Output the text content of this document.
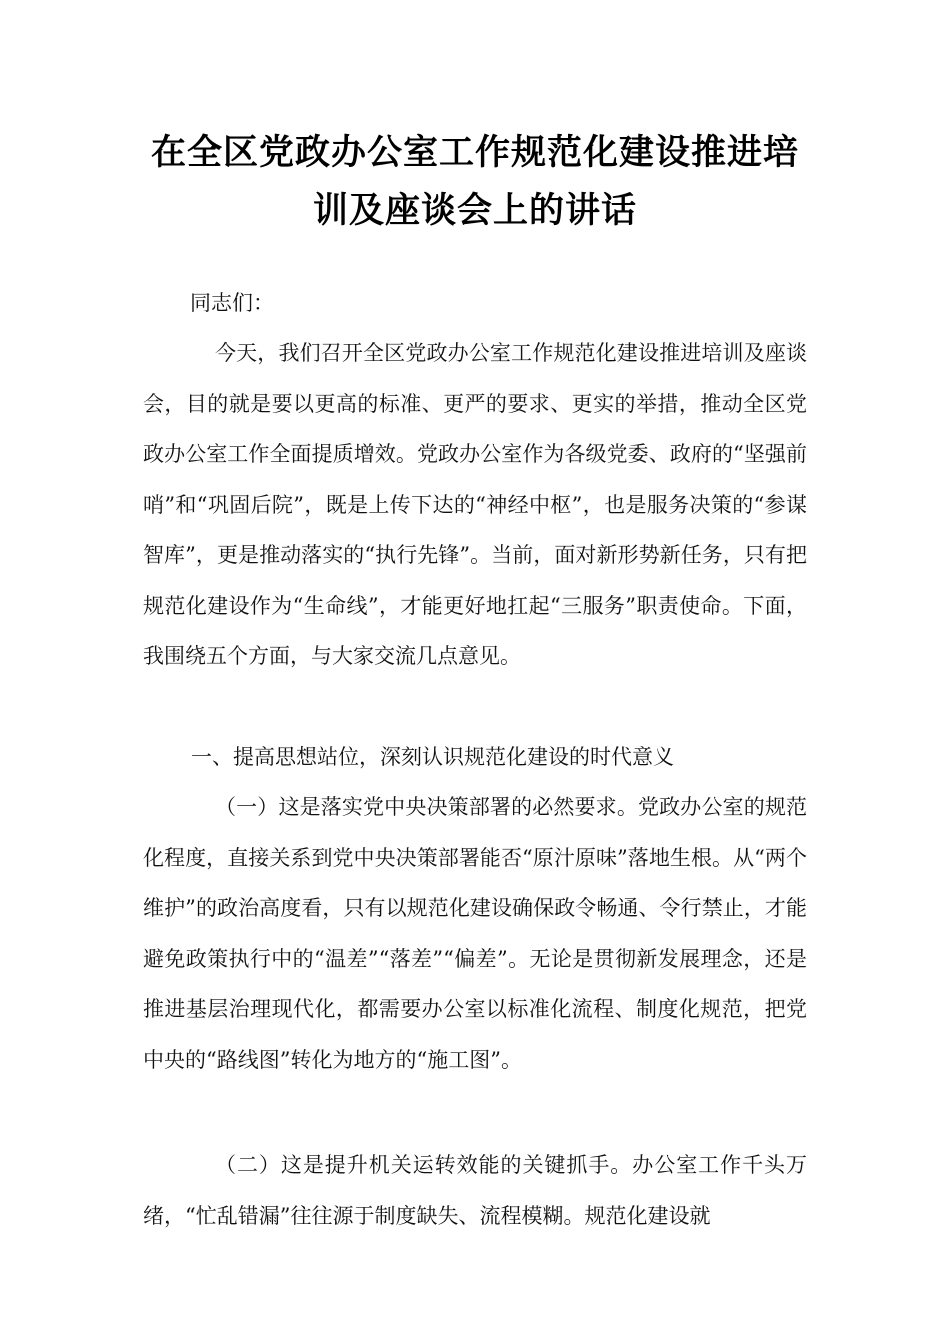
在全区党政办公室工作规范化建设推进培
训及座谈会上的讲话
同志们：
今天，我们召开全区党政办公室工作规范化建设推进培训及座谈会，目的就是要以更高的标准、更严的要求、更实的举措，推动全区党政办公室工作全面提质增效。党政办公室作为各级党委、政府的“坚强前哨”和“巩固后院”，既是上传下达的“神经中枢”，也是服务决策的“参谋智库”，更是推动落实的“执行先锋”。当前，面对新形势新任务，只有把规范化建设作为“生命线”，才能更好地扛起“三服务”职责使命。下面，我围绕五个方面，与大家交流几点意见。
一、提高思想站位，深刻认识规范化建设的时代意义
（一）这是落实党中央决策部署的必然要求。党政办公室的规范化程度，直接关系到党中央决策部署能否“原汁原味”落地生根。从“两个维护”的政治高度看，只有以规范化建设确保政令畅通、令行禁止，才能避免政策执行中的“温差”“落差”“偏差”。无论是贯彻新发展理念，还是推进基层治理现代化，都需要办公室以标准化流程、制度化规范，把党中央的“路线图”转化为地方的“施工图”。
（二）这是提升机关运转效能的关键抓手。办公室工作千头万绪，“忙乱错漏”往往源于制度缺失、流程模糊。规范化建设就
